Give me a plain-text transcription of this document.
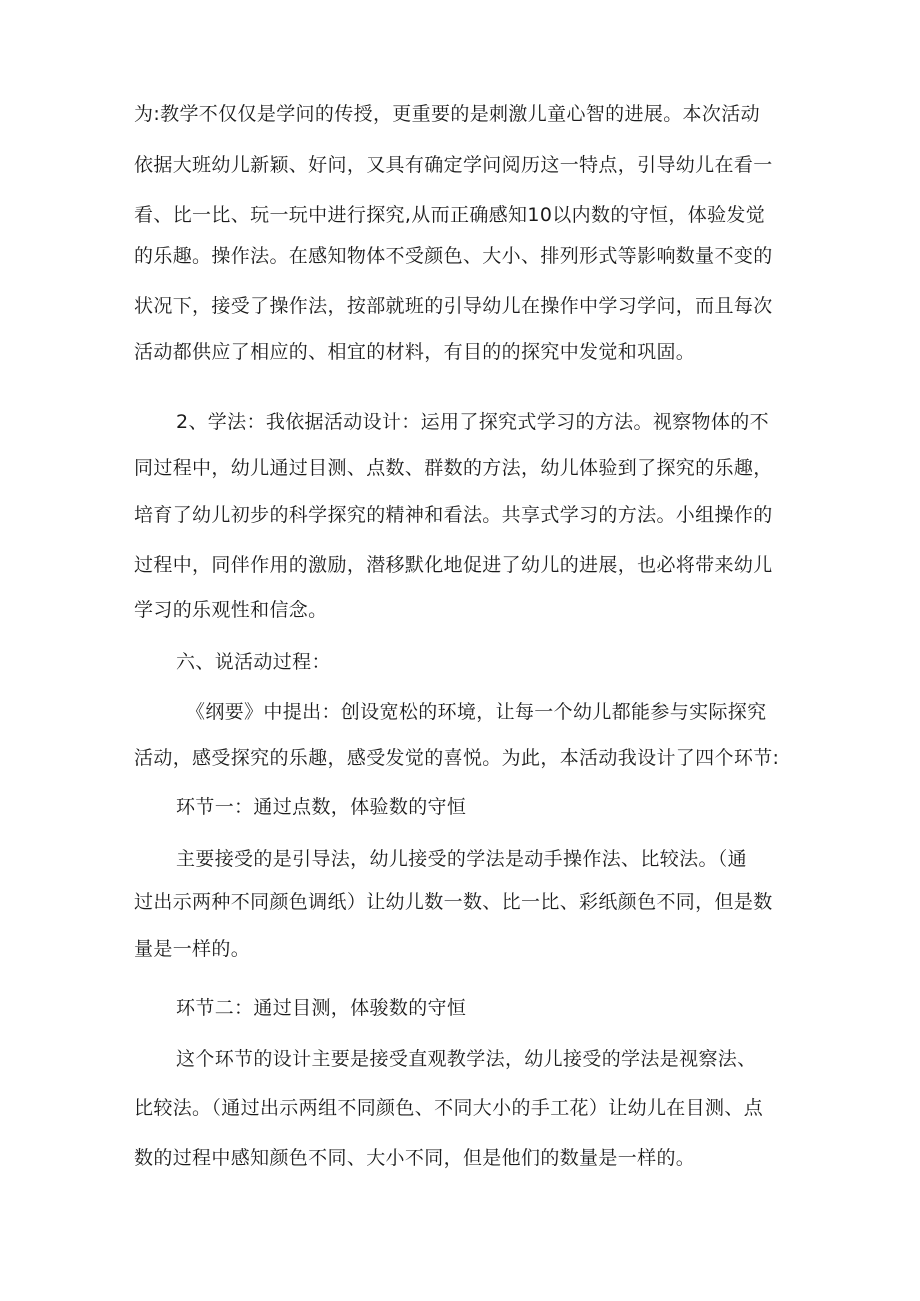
为:教学不仅仅是学问的传授，更重要的是刺激儿童心智的进展。本次活动
依据大班幼儿新颖、好问，又具有确定学问阅历这一特点，引导幼儿在看一
看、比一比、玩一玩中进行探究,从而正确感知10以内数的守恒，体验发觉
的乐趣。操作法。在感知物体不受颜色、大小、排列形式等影响数量不变的
状况下，接受了操作法，按部就班的引导幼儿在操作中学习学问，而且每次
活动都供应了相应的、相宜的材料，有目的的探究中发觉和巩固。
2、学法：我依据活动设计：运用了探究式学习的方法。视察物体的不
同过程中，幼儿通过目测、点数、群数的方法，幼儿体验到了探究的乐趣，
培育了幼儿初步的科学探究的精神和看法。共享式学习的方法。小组操作的
过程中，同伴作用的激励，潜移默化地促进了幼儿的进展，也必将带来幼儿
学习的乐观性和信念。
六、说活动过程：
《纲要》中提出：创设宽松的环境，让每一个幼儿都能参与实际探究
活动，感受探究的乐趣，感受发觉的喜悦。为此，本活动我设计了四个环节:
环节一：通过点数，体验数的守恒
主要接受的是引导法，幼儿接受的学法是动手操作法、比较法。（通
过出示两种不同颜色调纸）让幼儿数一数、比一比、彩纸颜色不同，但是数
量是一样的。
环节二：通过目测，体骏数的守恒
这个环节的设计主要是接受直观教学法，幼儿接受的学法是视察法、
比较法。（通过出示两组不同颜色、不同大小的手工花）让幼儿在目测、点
数的过程中感知颜色不同、大小不同，但是他们的数量是一样的。
